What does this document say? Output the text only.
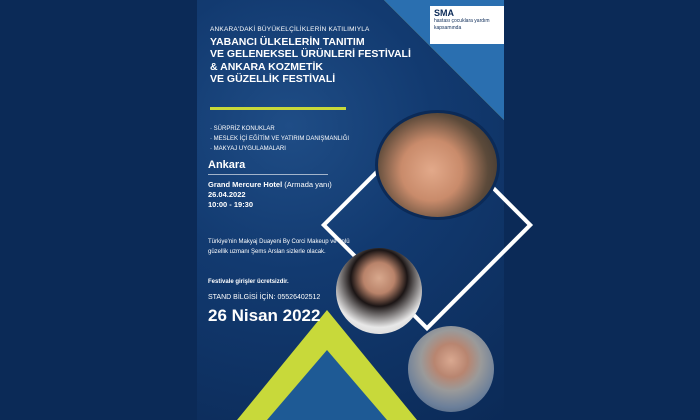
SMA
hastası çocuklara yardım kapsamında
ANKARA'DAKİ BÜYÜKELÇİLİKLERİN KATILIMIYLA
YABANCI ÜLKELERİN TANITIM
VE GELENEKSEL ÜRÜNLERİ FESTİVALİ
& ANKARA KOZMETİK
VE GÜZELLİK FESTİVALİ
· SÜRPRİZ KONUKLAR
· MESLEK İÇİ EĞİTİM VE YATIRIM DANIŞMANLIĞI
· MAKYAJ UYGULAMALARI
Ankara
Grand Mercure Hotel (Armada yanı)
26.04.2022
10:00 - 19:30
Türkiye'nin Makyaj Duayeni By Corci Makeup ve ünlü güzellik uzmanı Şems Arslan sizlerle olacak.
Festivale girişler ücretsizdir.
STAND BİLGİSİ İÇİN: 05526402512
26 Nisan 2022
